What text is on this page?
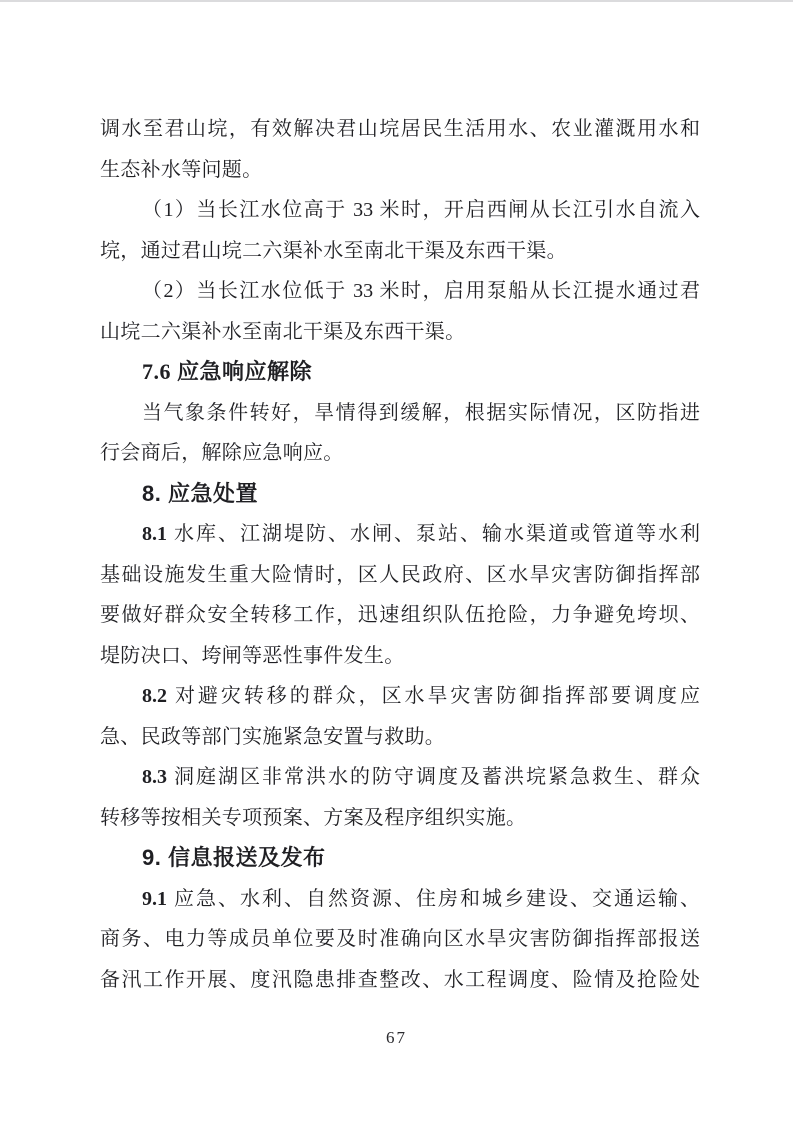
调水至君山垸，有效解决君山垸居民生活用水、农业灌溉用水和
生态补水等问题。
（1）当长江水位高于 33 米时，开启西闸从长江引水自流入
垸，通过君山垸二六渠补水至南北干渠及东西干渠。
（2）当长江水位低于 33 米时，启用泵船从长江提水通过君
山垸二六渠补水至南北干渠及东西干渠。
7.6 应急响应解除
当气象条件转好，旱情得到缓解，根据实际情况，区防指进
行会商后，解除应急响应。
8. 应急处置
8.1 水库、江湖堤防、水闸、泵站、输水渠道或管道等水利
基础设施发生重大险情时，区人民政府、区水旱灾害防御指挥部
要做好群众安全转移工作，迅速组织队伍抢险，力争避免垮坝、
堤防决口、垮闸等恶性事件发生。
8.2 对避灾转移的群众，区水旱灾害防御指挥部要调度应
急、民政等部门实施紧急安置与救助。
8.3 洞庭湖区非常洪水的防守调度及蓄洪垸紧急救生、群众
转移等按相关专项预案、方案及程序组织实施。
9. 信息报送及发布
9.1 应急、水利、自然资源、住房和城乡建设、交通运输、
商务、电力等成员单位要及时准确向区水旱灾害防御指挥部报送
备汛工作开展、度汛隐患排查整改、水工程调度、险情及抢险处
67
